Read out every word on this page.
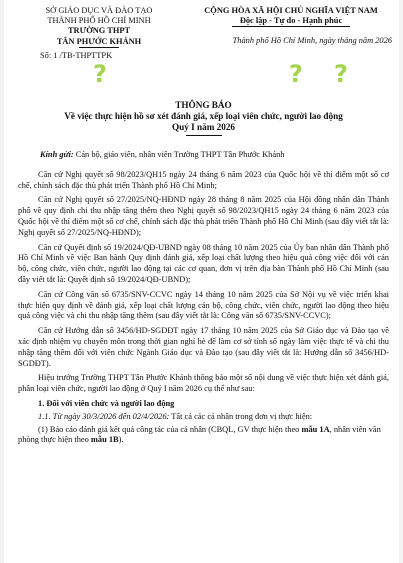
SỞ GIÁO DỤC VÀ ĐÀO TẠO
THÀNH PHỐ HỒ CHÍ MINH
TRƯỜNG THPT
TÂN PHƯỚC KHÁNH
Số: 1 /TB-THPTTPK
CỘNG HÒA XÃ HỘI CHỦ NGHĨA VIỆT NAM
Độc lập - Tự do - Hạnh phúc
Thành phố Hồ Chí Minh, ngày tháng năm 2026
?	? ?
THÔNG BÁO
Về việc thực hiện hồ sơ xét đánh giá, xếp loại viên chức, người lao động
Quý I năm 2026
Kính gửi: Cán bộ, giáo viên, nhân viên Trường THPT Tân Phước Khánh

Căn cứ Nghị quyết số 98/2023/QH15 ngày 24 tháng 6 năm 2023 của Quốc hội về thí điểm một số cơ chế, chính sách đặc thù phát triển Thành phố Hồ Chí Minh;

Căn cứ Nghị quyết số 27/2025/NQ-HĐND ngày 28 tháng 8 năm 2025 của Hội đồng nhân dân Thành phố về quy định chi thu nhập tăng thêm theo Nghị quyết số 98/2023/QH15 ngày 24 tháng 6 năm 2023 của Quốc hội về thí điểm một số cơ chế, chính sách đặc thù phát triển Thành phố Hồ Chí Minh (sau đây viết tắt là: Nghị quyết số 27/2025/NQ-HĐND);

Căn cứ Quyết định số 19/2024/QĐ-UBND ngày 08 tháng 10 năm 2025 của Ủy ban nhân dân Thành phố Hồ Chí Minh về việc Ban hành Quy định đánh giá, xếp loại chất lượng theo hiệu quả công việc đối với cán bộ, công chức, viên chức, người lao động tại các cơ quan, đơn vị trên địa bàn Thành phố Hồ Chí Minh (sau đây viết tắt là: Quyết định số 19/2024/QĐ-UBND);

Căn cứ Công văn số 6735/SNV-CCVC ngày 14 tháng 10 năm 2025 của Sở Nội vụ về việc triển khai thực hiện quy định về đánh giá, xếp loại chất lượng cán bộ, công chức, viên chức, người lao động theo hiệu quả công việc và chi thu nhập tăng thêm (sau đây viết tắt là: Công văn số 6735/SNV-CCVC);

Căn cứ Hướng dẫn số 3456/HD-SGDĐT ngày 17 tháng 10 năm 2025 của Sở Giáo dục và Đào tạo về xác định nhiệm vụ chuyên môn trong thời gian nghỉ hè để làm cơ sở tính số ngày làm việc thực tế và chi thu nhập tăng thêm đối với viên chức Ngành Giáo dục và Đào tạo (sau đây viết tắt là: Hướng dẫn số 3456/HD-SGDĐT).

Hiệu trưởng Trường THPT Tân Phước Khánh thông báo một số nội dung về việc thực hiện xét đánh giá, phân loại viên chức, người lao động ở Quý I năm 2026 cụ thể như sau:

1. Đối với viên chức và người lao động
1.1. Từ ngày 30/3/2026 đến 02/4/2026: Tất cả các cá nhân trong đơn vị thực hiện:
(1) Báo cáo đánh giá kết quả công tác của cá nhân (CBQL, GV thực hiện theo mẫu 1A, nhân viên văn phòng thực hiện theo mẫu 1B).
